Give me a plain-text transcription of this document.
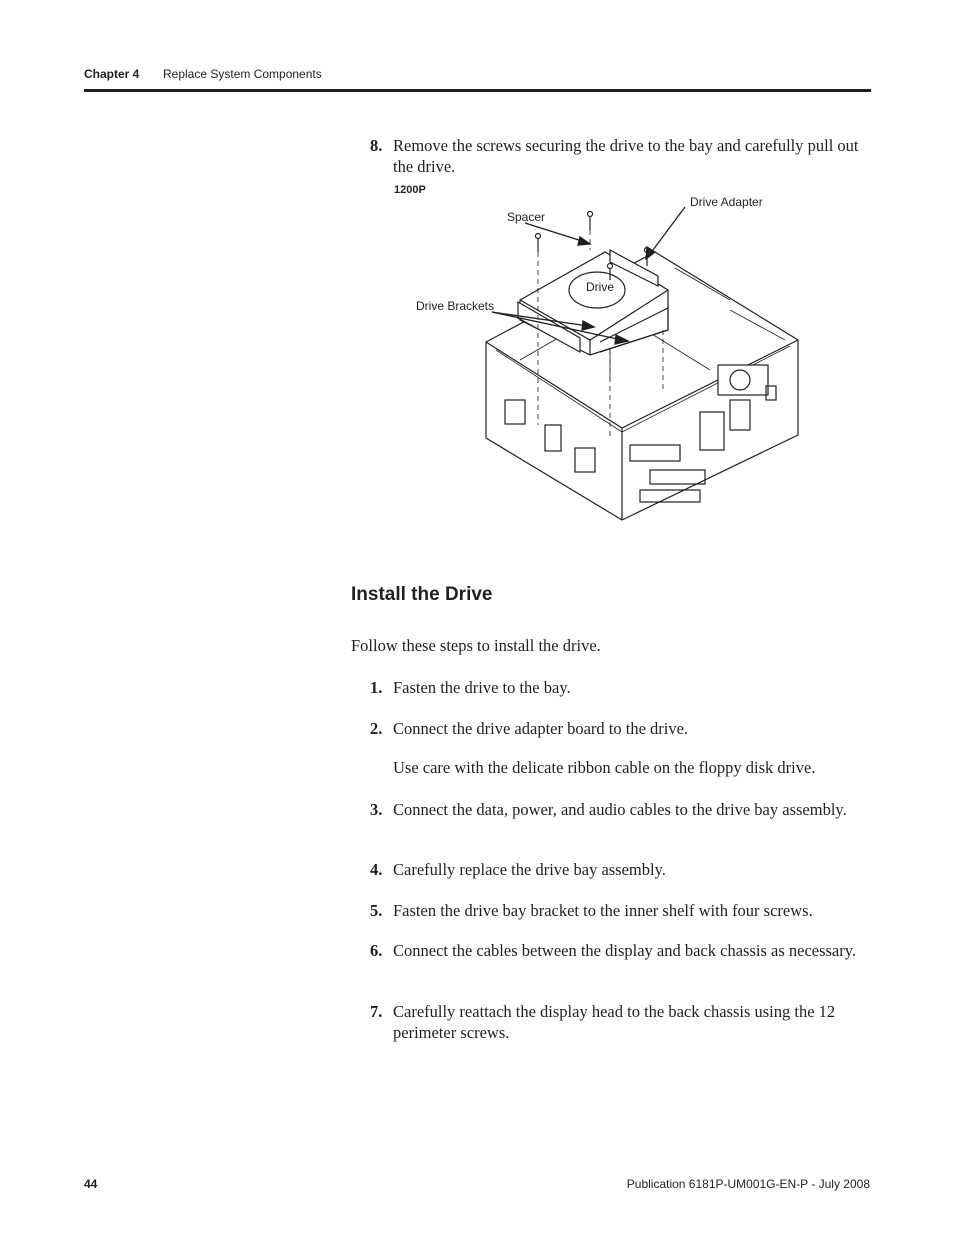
Chapter 4 Replace System Components
8. Remove the screws securing the drive to the bay and carefully pull out the drive.
1200P
Spacer
Drive Adapter
Drive
Drive Brackets
Install the Drive
Follow these steps to install the drive.
1. Fasten the drive to the bay.
2. Connect the drive adapter board to the drive.
Use care with the delicate ribbon cable on the floppy disk drive.
3. Connect the data, power, and audio cables to the drive bay assembly.
4. Carefully replace the drive bay assembly.
5. Fasten the drive bay bracket to the inner shelf with four screws.
6. Connect the cables between the display and back chassis as necessary.
7. Carefully reattach the display head to the back chassis using the 12 perimeter screws.
44	Publication 6181P-UM001G-EN-P - July 2008
